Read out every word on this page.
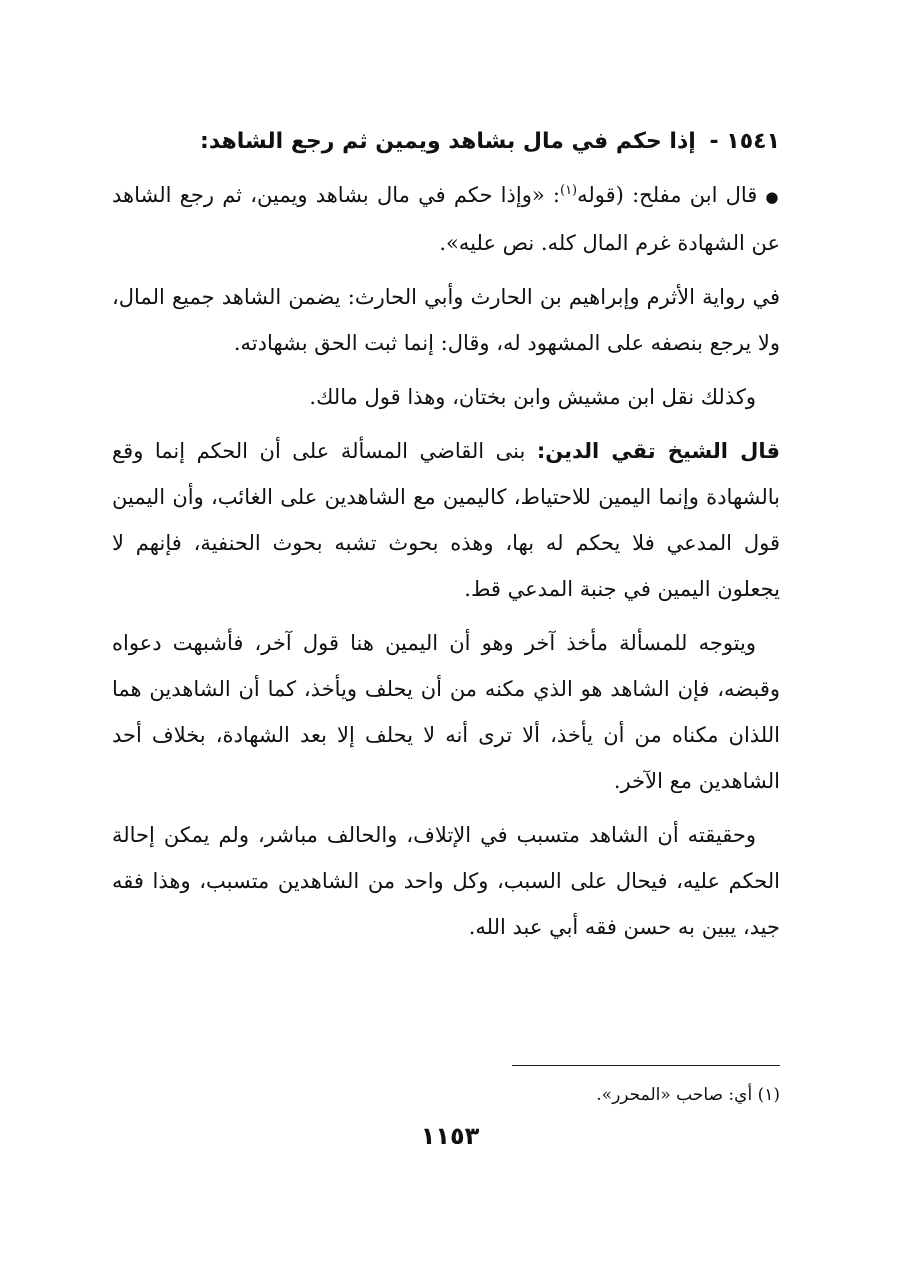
١٥٤١ - إذا حكم في مال بشاهد ويمين ثم رجع الشاهد:

●قال ابن مفلح: (قوله$^{(١)}$: «وإذا حكم في مال بشاهد ويمين، ثم رجع الشاهد عن الشهادة غرم المال كله. نص عليه».

في رواية الأثرم وإبراهيم بن الحارث وأبي الحارث: يضمن الشاهد جميع المال، ولا يرجع بنصفه على المشهود له، وقال: إنما ثبت الحق بشهادته.

وكذلك نقل ابن مشيش وابن بختان، وهذا قول مالك.

قال الشيخ تقي الدين: بنى القاضي المسألة على أن الحكم إنما وقع بالشهادة وإنما اليمين للاحتياط، كاليمين مع الشاهدين على الغائب، وأن اليمين قول المدعي فلا يحكم له بها، وهذه بحوث تشبه بحوث الحنفية، فإنهم لا يجعلون اليمين في جنبة المدعي قط.

ويتوجه للمسألة مأخذ آخر وهو أن اليمين هنا قول آخر، فأشبهت دعواه وقبضه، فإن الشاهد هو الذي مكنه من أن يحلف ويأخذ، كما أن الشاهدين هما اللذان مكناه من أن يأخذ، ألا ترى أنه لا يحلف إلا بعد الشهادة، بخلاف أحد الشاهدين مع الآخر.

وحقيقته أن الشاهد متسبب في الإتلاف، والحالف مباشر، ولم يمكن إحالة الحكم عليه، فيحال على السبب، وكل واحد من الشاهدين متسبب، وهذا فقه جيد، يبين به حسن فقه أبي عبد الله.

(١) أي: صاحب «المحرر».
١١٥٣
